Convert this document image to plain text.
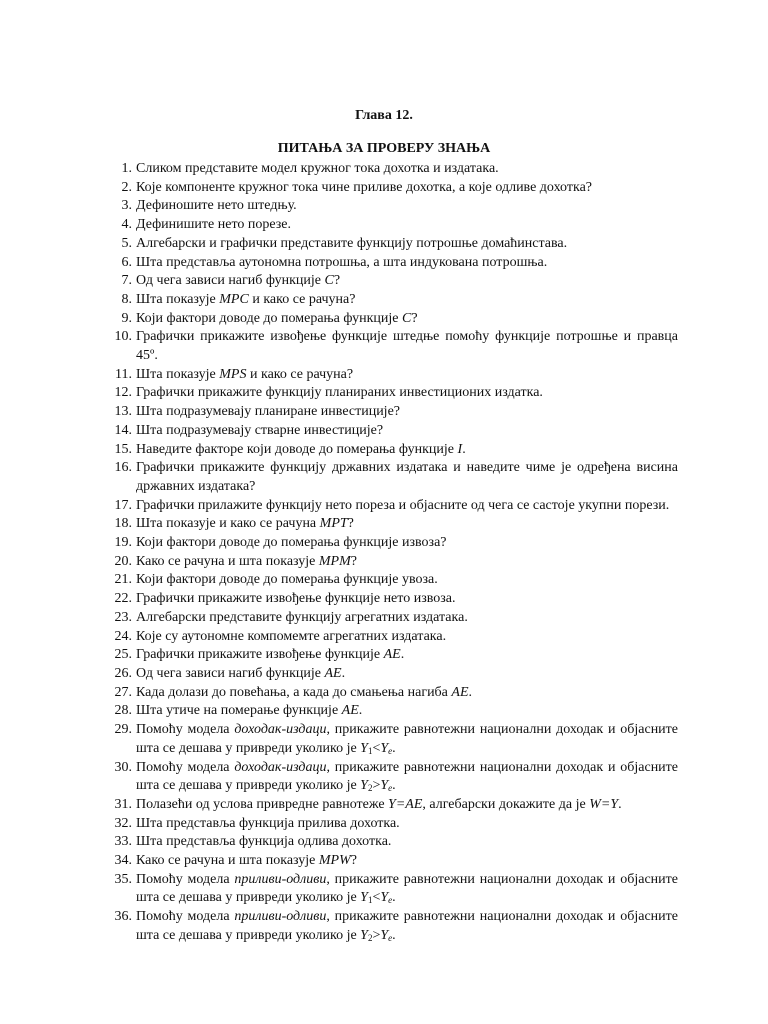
Глава 12.
ПИТАЊА ЗА ПРОВЕРУ ЗНАЊА
1 . Сликом представите модел кружног тока дохотка и издатака.
2 . Које компоненте кружног тока чине приливе дохотка, а које одливе дохотка?
3 . Дефиношите нето штедњу.
4 . Дефинишите нето порезе.
5 . Алгебарски и графички представите функцију потрошње домаћинстава.
6 . Шта представља аутономна потрошња, а шта индукована потрошња.
7 . Од чега зависи нагиб функције C?
8 . Шта показује MPC и како се рачуна?
9 . Који фактори доводе до померања функције C?
10 . Графички прикажите извођење функције штедње помоћу функције потрошње и правца 45º.
11 . Шта показује MPS и како се рачуна?
12 . Графички прикажите функцију планираних инвестиционих издатка.
13 . Шта подразумевају планиране инвестиције?
14 . Шта подразумевају стварне инвестиције?
15 . Наведите факторе који доводе до померања функције I.
16 . Графички прикажите функцију државних издатака и наведите чиме је одређена висина државних издатака?
17 . Графички прилажите функцију нето пореза и објасните од чега се састоје укупни порези.
18 . Шта показује и како се рачуна MPT?
19 . Који фактори доводе до померања функције извоза?
20 . Како се рачуна и шта показује MPM?
21 . Који фактори доводе до померања функције увоза.
22 . Графички прикажите извођење функције нето извоза.
23 . Алгебарски представите функцију агрегатних издатака.
24 . Које су аутономне компомемте агрегатних издатака.
25 . Графички прикажите извођење функције AE.
26 . Од чега зависи нагиб функције AE.
27 . Када долази до повећања, а када до смањења нагиба AE.
28 . Шта утиче на померање функције AE.
29 . Помоћу модела доходак-издаци, прикажите равнотежни национални доходак и објасните шта се дешава у привреди уколико је $Y_1<Y_e$.
30 . Помоћу модела доходак-издаци, прикажите равнотежни национални доходак и објасните шта се дешава у привреди уколико је $Y_2>Y_e$.
31 . Полазећи од услова привредне равнотеже Y=AE, алгебарски докажите да је W=Y.
32 . Шта представља функција прилива дохотка.
33 . Шта представља функција одлива дохотка.
34 . Како се рачуна и шта показује MPW?
35 . Помоћу модела приливи-одливи, прикажите равнотежни национални доходак и објасните шта се дешава у привреди уколико је $Y_1<Y_e$.
36 . Помоћу модела приливи-одливи, прикажите равнотежни национални доходак и објасните шта се дешава у привреди уколико је $Y_2>Y_e$.
